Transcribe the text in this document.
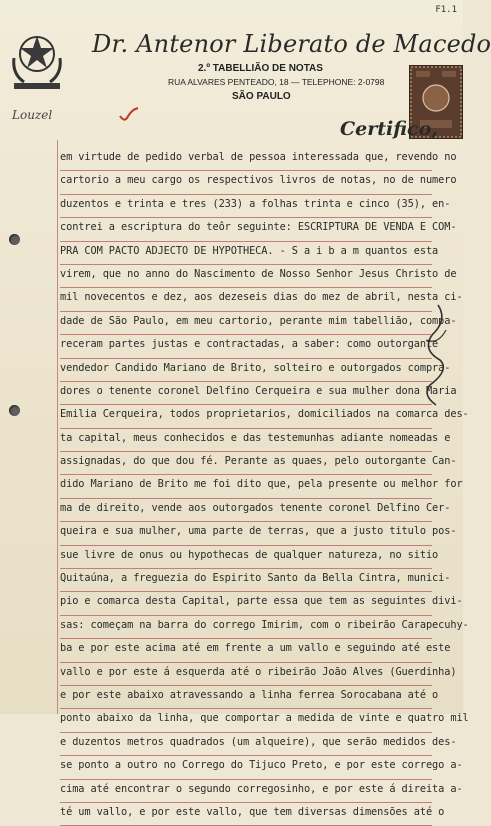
F1.1
Dr. Antenor Liberato de Macedo
2.º TABELLIÃO DE NOTAS
RUA ALVARES PENTEADO, 18 — TELEPHONE: 2-0798
SÃO PAULO
Louzel
Certifico,
em virtude de pedido verbal de pessoa interessada que, revendo no
cartorio a meu cargo os respectivos livros de notas, no de numero
duzentos e trinta e tres (233) a folhas trinta e cinco (35), en-
contrei a escriptura do teôr seguinte: ESCRIPTURA DE VENDA E COM-
PRA COM PACTO ADJECTO DE HYPOTHECA. - S a i b a m quantos esta
virem, que no anno do Nascimento de Nosso Senhor Jesus Christo de
mil novecentos e dez, aos dezeseis dias do mez de abril, nesta ci-
dade de São Paulo, em meu cartorio, perante mim tabellião, compa-
receram partes justas e contractadas, a saber: como outorgante
vendedor Candido Mariano de Brito, solteiro e outorgados compra-
dores o tenente coronel Delfino Cerqueira e sua mulher dona Maria
Emilia Cerqueira, todos proprietarios, domiciliados na comarca des-
ta capital, meus conhecidos e das testemunhas adiante nomeadas e
assignadas, do que dou fé. Perante as quaes, pelo outorgante Can-
dido Mariano de Brito me foi dito que, pela presente ou melhor for
ma de direito, vende aos outorgados tenente coronel Delfino Cer-
queira e sua mulher, uma parte de terras, que a justo titulo pos-
sue livre de onus ou hypothecas de qualquer natureza, no sitio
Quitaúna, a freguezia do Espirito Santo da Bella Cintra, munici-
pio e comarca desta Capital, parte essa que tem as seguintes divi-
sas: começam na barra do corrego Imirim, com o ribeirão Carapecuhy-
ba e por este acima até em frente a um vallo e seguindo até este
vallo e por este á esquerda até o ribeirão João Alves (Guerdinha)
e por este abaixo atravessando a linha ferrea Sorocabana até o
ponto abaixo da linha, que comportar a medida de vinte e quatro mil
e duzentos metros quadrados (um alqueire), que serão medidos des-
se ponto a outro no Corrego do Tijuco Preto, e por este corrego a-
cima até encontrar o segundo corregosinho, e por este á direita a-
té um vallo, e por este vallo, que tem diversas dimensões até o
